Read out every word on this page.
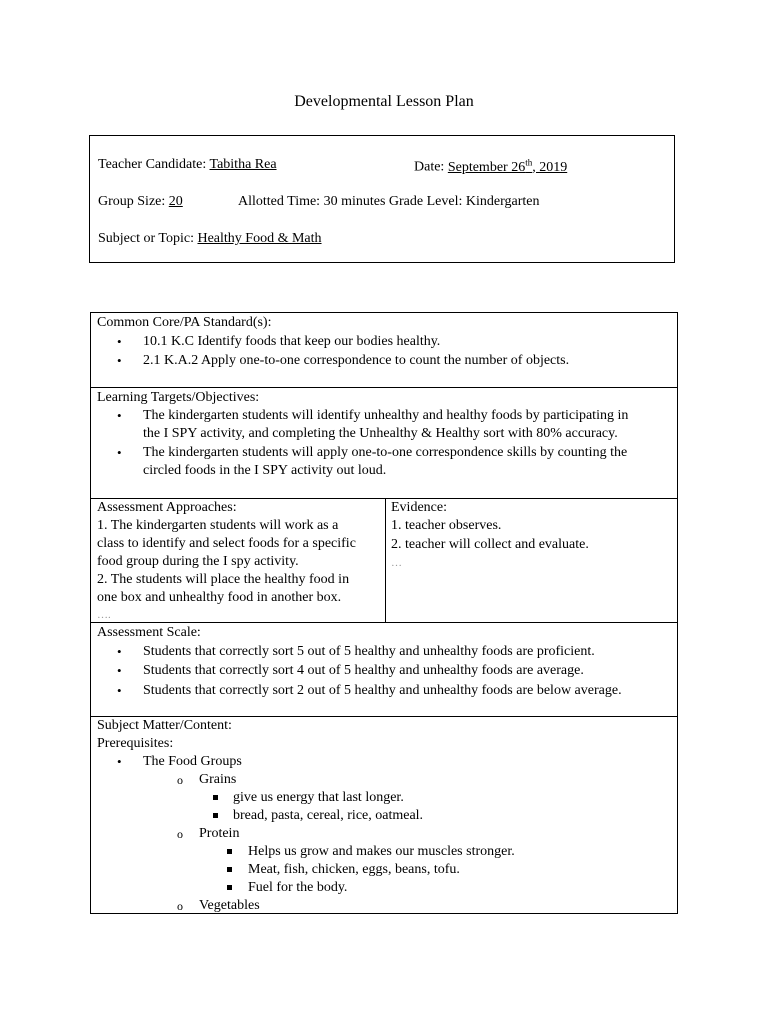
Developmental Lesson Plan
Teacher Candidate: Tabitha Rea	Date: September 26th, 2019
Group Size: 20	Allotted Time: 30 minutes Grade Level: Kindergarten
Subject or Topic: Healthy Food & Math
Common Core/PA Standard(s):
• 10.1 K.C Identify foods that keep our bodies healthy.
• 2.1 K.A.2 Apply one-to-one correspondence to count the number of objects.
Learning Targets/Objectives:
• The kindergarten students will identify unhealthy and healthy foods by participating in
the I SPY activity, and completing the Unhealthy & Healthy sort with 80% accuracy.
• The kindergarten students will apply one-to-one correspondence skills by counting the
circled foods in the I SPY activity out loud.
Assessment Approaches:
1. The kindergarten students will work as a
class to identify and select foods for a specific
food group during the I spy activity.
2. The students will place the healthy food in
one box and unhealthy food in another box.
….
Evidence:
1. teacher observes.
2. teacher will collect and evaluate.
…
Assessment Scale:
• Students that correctly sort 5 out of 5 healthy and unhealthy foods are proficient.
• Students that correctly sort 4 out of 5 healthy and unhealthy foods are average.
• Students that correctly sort 2 out of 5 healthy and unhealthy foods are below average.
Subject Matter/Content:
Prerequisites:
• The Food Groups
o Grains
give us energy that last longer.
bread, pasta, cereal, rice, oatmeal.
o Protein
Helps us grow and makes our muscles stronger.
Meat, fish, chicken, eggs, beans, tofu.
Fuel for the body.
o Vegetables
